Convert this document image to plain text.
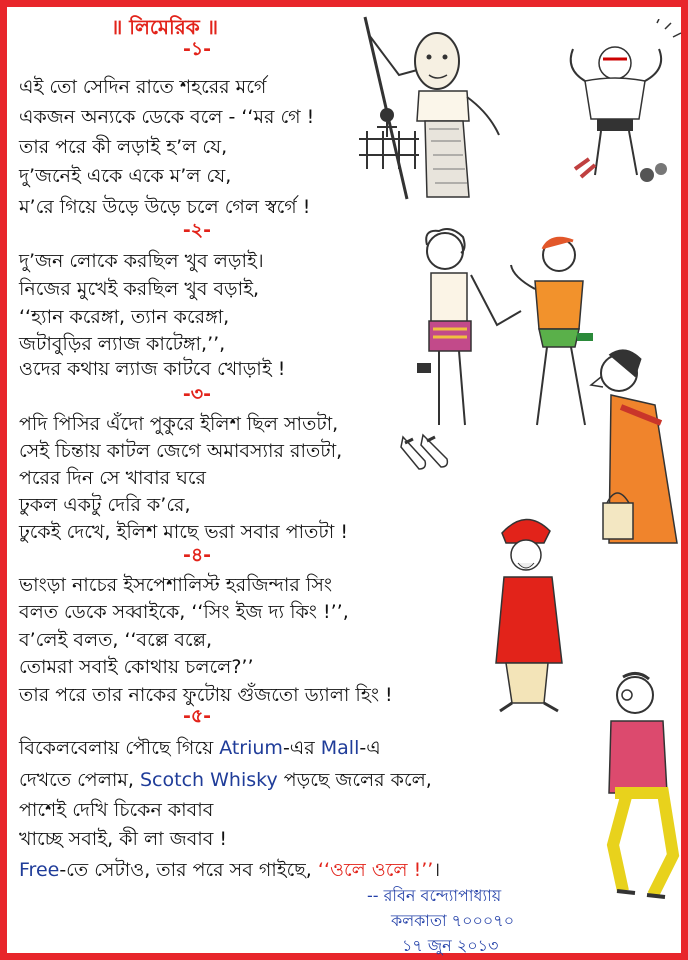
॥ লিমেরিক ॥
-১-
এই তো সেদিন রাতে শহরের মর্গে
একজন অন্যকে ডেকে বলে - ‘‘মর গে !
তার পরে কী লড়াই হ’ল যে,
দু’জনেই একে একে ম’ল যে,
ম’রে গিয়ে উড়ে উড়ে চলে গেল স্বর্গে !
-২-
দু’জন লোকে করছিল খুব লড়াই।
নিজের মুখেই করছিল খুব বড়াই,
‘‘হ্যান করেঙ্গা, ত্যান করেঙ্গা,
জটাবুড়ির ল্যাজ কাটেঙ্গা,’’,
ওদের কথায় ল্যাজ কাটবে খোড়াই !
-৩-
পদি পিসির এঁদো পুকুরে ইলিশ ছিল সাতটা,
সেই চিন্তায় কাটল জেগে অমাবস্যার রাতটা,
পরের দিন সে খাবার ঘরে
ঢুকল একটু দেরি ক’রে,
ঢুকেই দেখে, ইলিশ মাছে ভরা সবার পাতটা !
-৪-
ভাংড়া নাচের ইসপেশালিস্ট হরজিন্দার সিং
বলত ডেকে সব্বাইকে, ‘‘সিং ইজ দ্য কিং !’’,
ব’লেই বলত, ‘‘বল্লে বল্লে,
তোমরা সবাই কোথায় চললে?’’
তার পরে তার নাকের ফুটোয় গুঁজতো ড্যালা হিং !
-৫-
বিকেলবেলায় পৌছে গিয়ে Atrium-এর Mall-এ
দেখতে পেলাম, Scotch Whisky পড়ছে জলের কলে,
পাশেই দেখি চিকেন কাবাব
খাচ্ছে সবাই, কী লা জবাব !
Free-তে সেটাও, তার পরে সব গাইছে, ‘‘ওলে ওলে !’’।
-- রবিন বন্দ্যোপাধ্যায়
কলকাতা ৭০০০৭০
১৭ জুন ২০১৩
